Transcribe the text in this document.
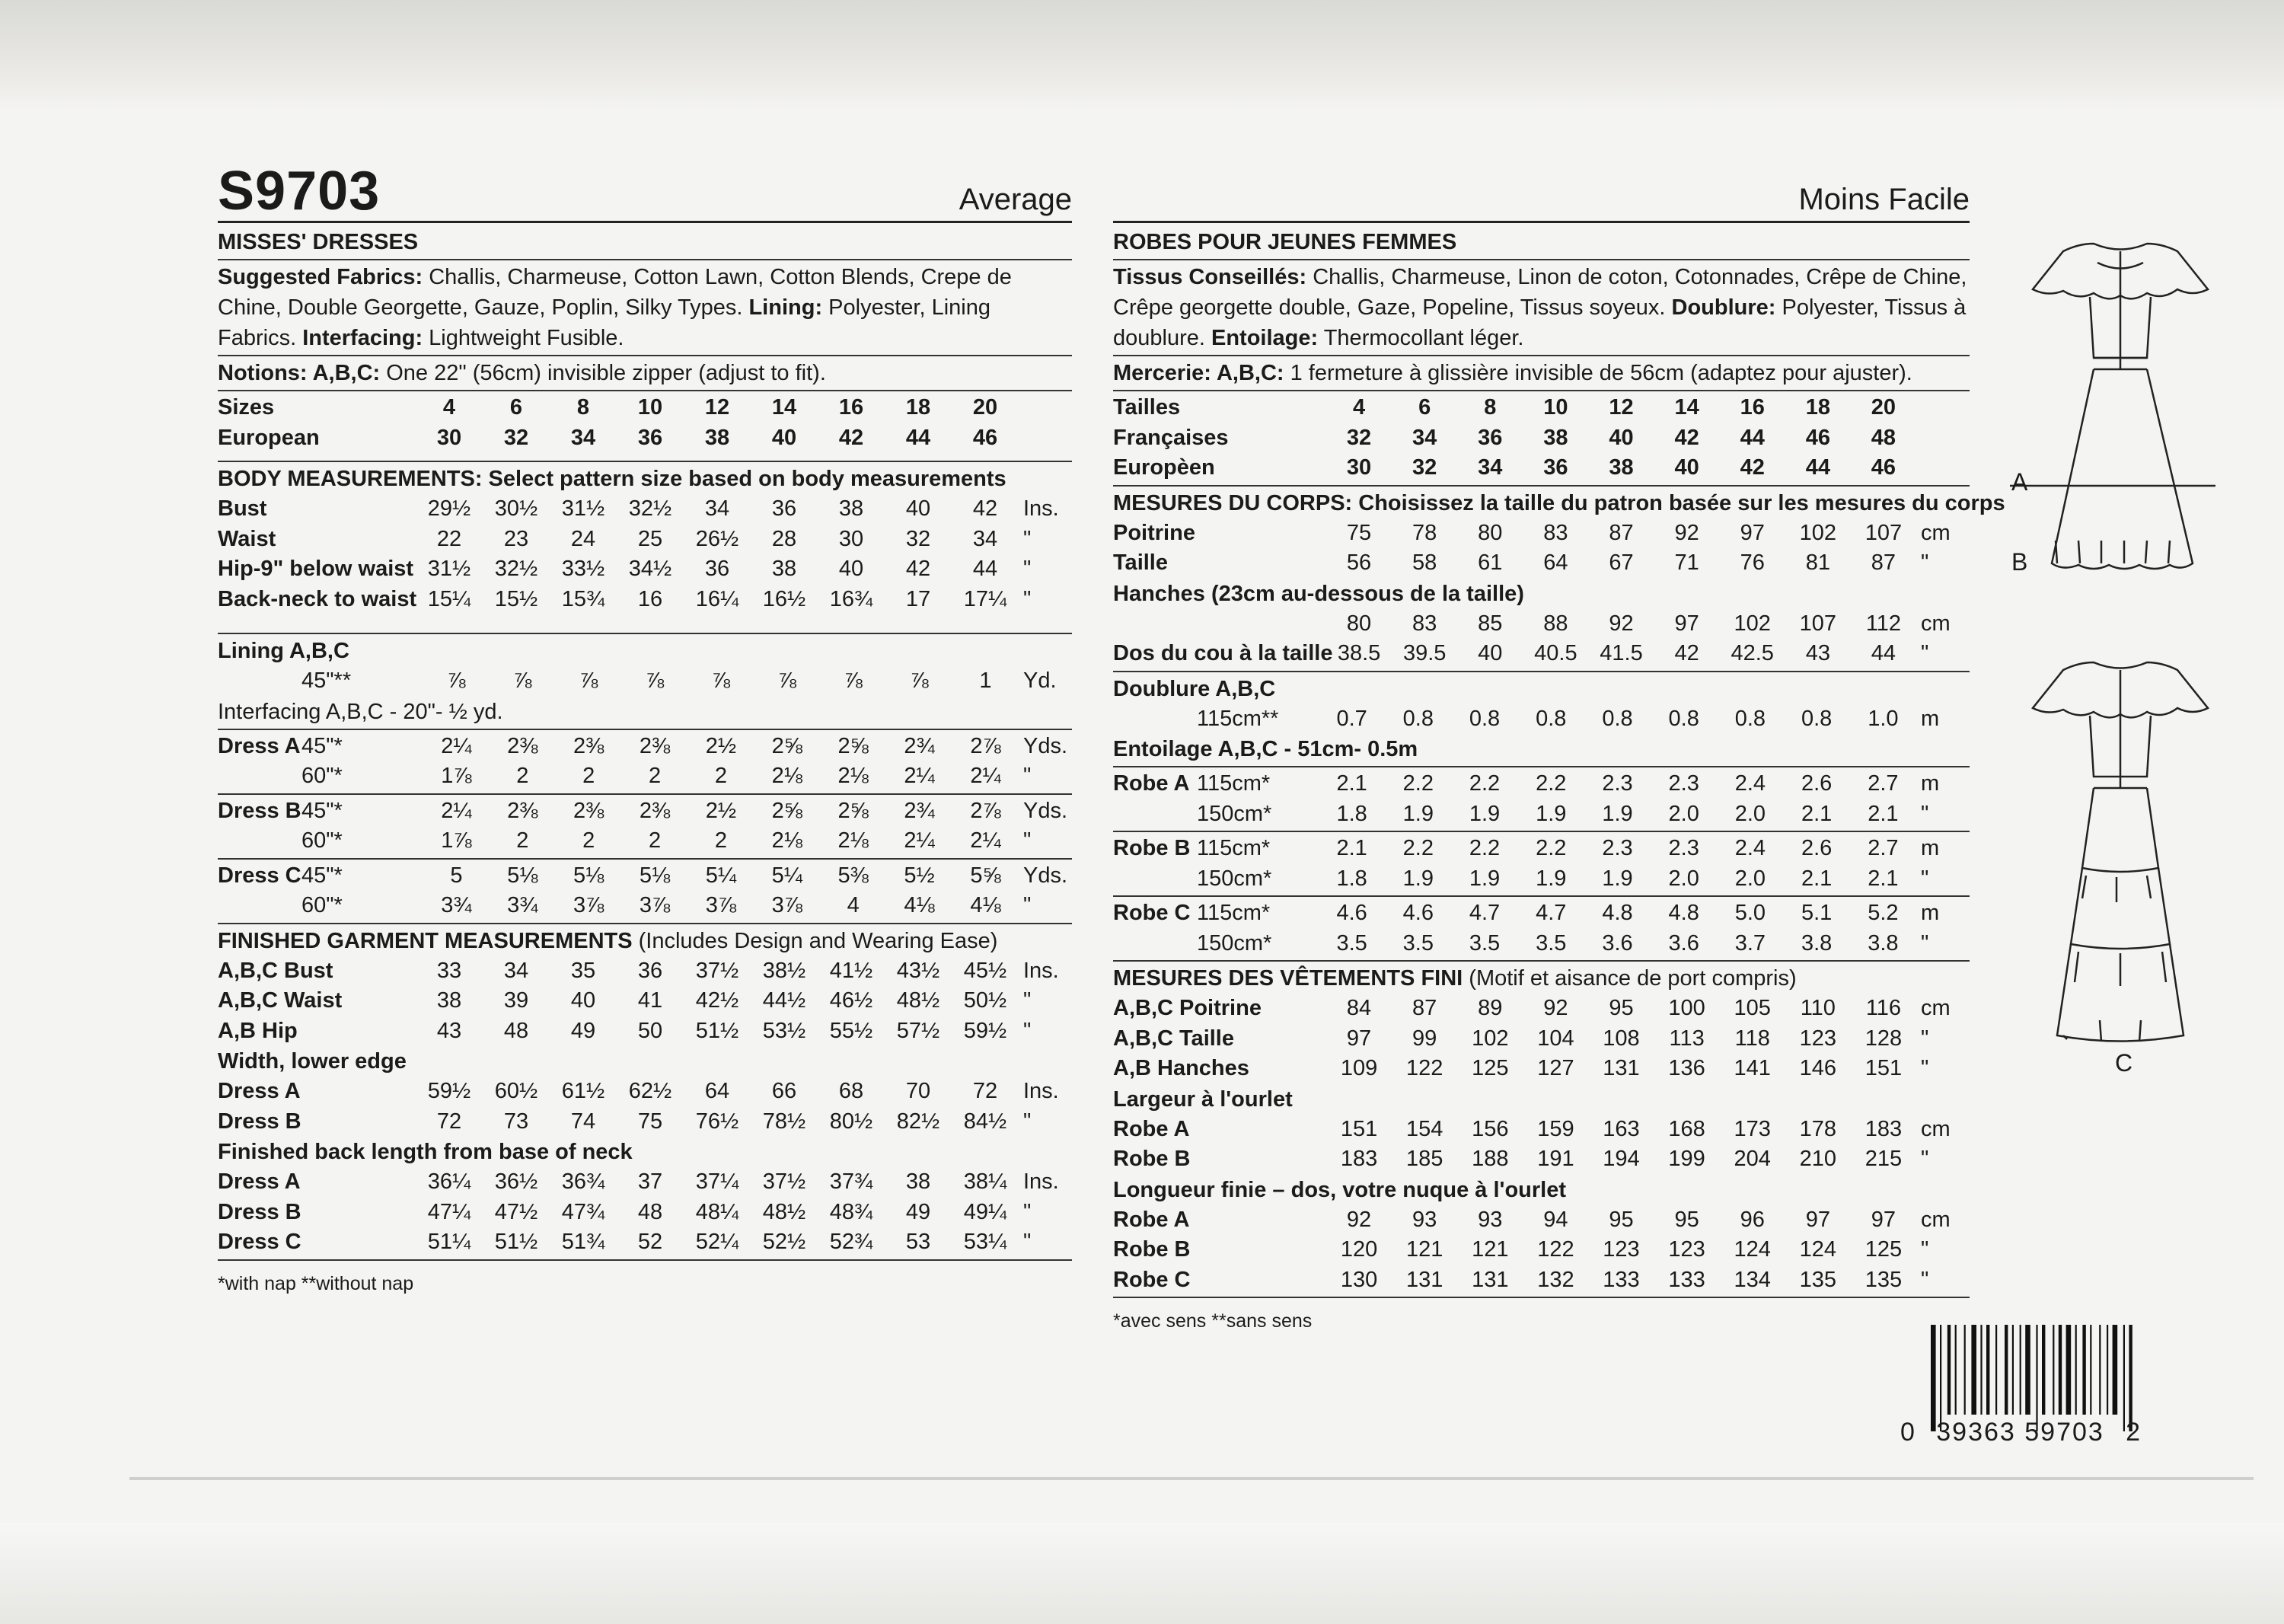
S9703	Average
MISSES' DRESSES
Suggested Fabrics: Challis, Charmeuse, Cotton Lawn, Cotton Blends, Crepe de Chine, Double Georgette, Gauze, Poplin, Silky Types. Lining: Polyester, Lining Fabrics. Interfacing: Lightweight Fusible.
Notions: A,B,C: One 22" (56cm) invisible zipper (adjust to fit).
Sizes	4	6	8	10	12	14	16	18	20	
European	30	32	34	36	38	40	42	44	46	
BODY MEASUREMENTS: Select pattern size based on body measurements
Bust	29½	30½	31½	32½	34	36	38	40	42	Ins.
Waist	22	23	24	25	26½	28	30	32	34	"
Hip-9" below waist	31½	32½	33½	34½	36	38	40	42	44	"
Back-neck to waist	15¼	15½	15¾	16	16¼	16½	16¾	17	17¼	"
Lining A,B,C
	45"**	⅞	⅞	⅞	⅞	⅞	⅞	⅞	⅞	1	Yd.
Interfacing A,B,C - 20"- ½ yd.
Dress A	45"*	2¼	2⅜	2⅜	2⅜	2½	2⅝	2⅝	2¾	2⅞	Yds.
	60"*	1⅞	2	2	2	2	2⅛	2⅛	2¼	2¼	"
Dress B	45"*	2¼	2⅜	2⅜	2⅜	2½	2⅝	2⅝	2¾	2⅞	Yds.
	60"*	1⅞	2	2	2	2	2⅛	2⅛	2¼	2¼	"
Dress C	45"*	5	5⅛	5⅛	5⅛	5¼	5¼	5⅜	5½	5⅝	Yds.
	60"*	3¾	3¾	3⅞	3⅞	3⅞	3⅞	4	4⅛	4⅛	"
FINISHED GARMENT MEASUREMENTS (Includes Design and Wearing Ease)
A,B,C Bust	33	34	35	36	37½	38½	41½	43½	45½	Ins.
A,B,C Waist	38	39	40	41	42½	44½	46½	48½	50½	"
A,B Hip	43	48	49	50	51½	53½	55½	57½	59½	"
Width, lower edge
Dress A	59½	60½	61½	62½	64	66	68	70	72	Ins.
Dress B	72	73	74	75	76½	78½	80½	82½	84½	"
Finished back length from base of neck
Dress A	36¼	36½	36¾	37	37¼	37½	37¾	38	38¼	Ins.
Dress B	47¼	47½	47¾	48	48¼	48½	48¾	49	49¼	"
Dress C	51¼	51½	51¾	52	52¼	52½	52¾	53	53¼	"
*with nap **without nap
Moins Facile
ROBES POUR JEUNES FEMMES
Tissus Conseillés: Challis, Charmeuse, Linon de coton, Cotonnades, Crêpe de Chine, Crêpe georgette double, Gaze, Popeline, Tissus soyeux. Doublure: Polyester, Tissus à doublure. Entoilage: Thermocollant léger.
Mercerie: A,B,C: 1 fermeture à glissière invisible de 56cm (adaptez pour ajuster).
Tailles	4	6	8	10	12	14	16	18	20	
Françaises	32	34	36	38	40	42	44	46	48	
Europèen	30	32	34	36	38	40	42	44	46	
MESURES DU CORPS: Choisissez la taille du patron basée sur les mesures du corps
Poitrine	75	78	80	83	87	92	97	102	107	cm
Taille	56	58	61	64	67	71	76	81	87	"
Hanches (23cm au-dessous de la taille)
	80	83	85	88	92	97	102	107	112	cm
Dos du cou à la taille	38.5	39.5	40	40.5	41.5	42	42.5	43	44	"
Doublure A,B,C
	115cm**	0.7	0.8	0.8	0.8	0.8	0.8	0.8	0.8	1.0	m
Entoilage A,B,C - 51cm- 0.5m
Robe A	115cm*	2.1	2.2	2.2	2.2	2.3	2.3	2.4	2.6	2.7	m
	150cm*	1.8	1.9	1.9	1.9	1.9	2.0	2.0	2.1	2.1	"
Robe B	115cm*	2.1	2.2	2.2	2.2	2.3	2.3	2.4	2.6	2.7	m
	150cm*	1.8	1.9	1.9	1.9	1.9	2.0	2.0	2.1	2.1	"
Robe C	115cm*	4.6	4.6	4.7	4.7	4.8	4.8	5.0	5.1	5.2	m
	150cm*	3.5	3.5	3.5	3.5	3.6	3.6	3.7	3.8	3.8	"
MESURES DES VÊTEMENTS FINI (Motif et aisance de port compris)
A,B,C Poitrine	84	87	89	92	95	100	105	110	116	cm
A,B,C Taille	97	99	102	104	108	113	118	123	128	"
A,B Hanches	109	122	125	127	131	136	141	146	151	"
Largeur à l'ourlet
Robe A	151	154	156	159	163	168	173	178	183	cm
Robe B	183	185	188	191	194	199	204	210	215	"
Longueur finie – dos, votre nuque à l'ourlet
Robe A	92	93	93	94	95	95	96	97	97	cm
Robe B	120	121	121	122	123	123	124	124	125	"
Robe C	130	131	131	132	133	133	134	135	135	"
*avec sens **sans sens
A
B
C
0 39363 59703 2
